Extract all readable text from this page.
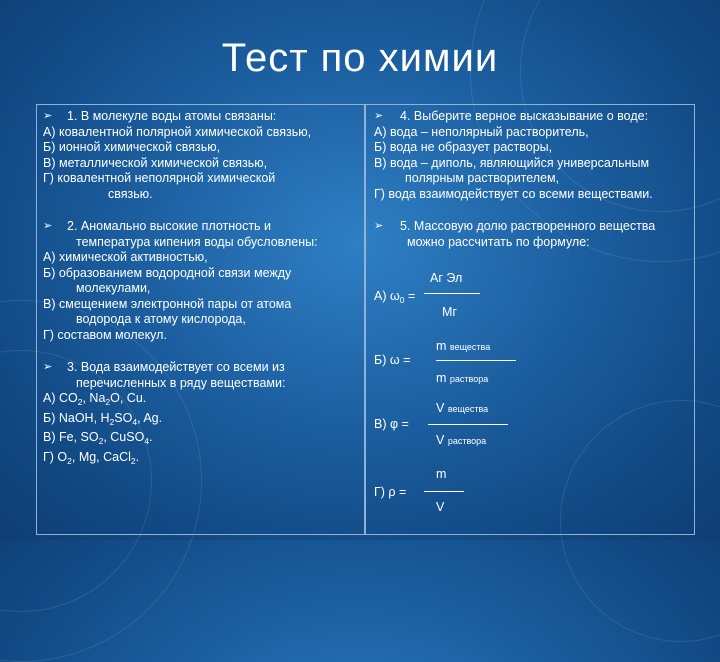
Тест по химии
➢	1. В молекуле воды атомы связаны:
А) ковалентной полярной химической связью,
Б) ионной химической связью,
В) металлической химической связью,
Г) ковалентной неполярной химической
связью.
➢	2. Аномально высокие плотность и
температура кипения воды обусловлены:
А) химической активностью,
Б) образованием водородной связи между
молекулами,
В) смещением электронной пары от атома
водорода к атому кислорода,
Г) составом молекул.
➢	3. Вода взаимодействует со всеми из
перечисленных в ряду веществами:
А) $CO_2$, $Na_2O$, Cu.
Б) NaOH, $H_2SO_4$, Ag.
В) Fe, $SO_2$, CuSO$_4$.
Г) $O_2$, Mg, CaCl$_2$.
➢	4. Выберите верное высказывание о воде:
А) вода – неполярный растворитель,
Б) вода не образует растворы,
В) вода – диполь, являющийся универсальным
полярным растворителем,
Г) вода взаимодействует со всеми веществами.
➢	5. Массовую долю растворенного вещества
можно рассчитать по формуле:
А) $\omega_0$ =
Аг Эл
Мг
Б) ω =
m вещества
m раствора
В) φ =
V вещества
V раствора
Г) ρ =
m
V
